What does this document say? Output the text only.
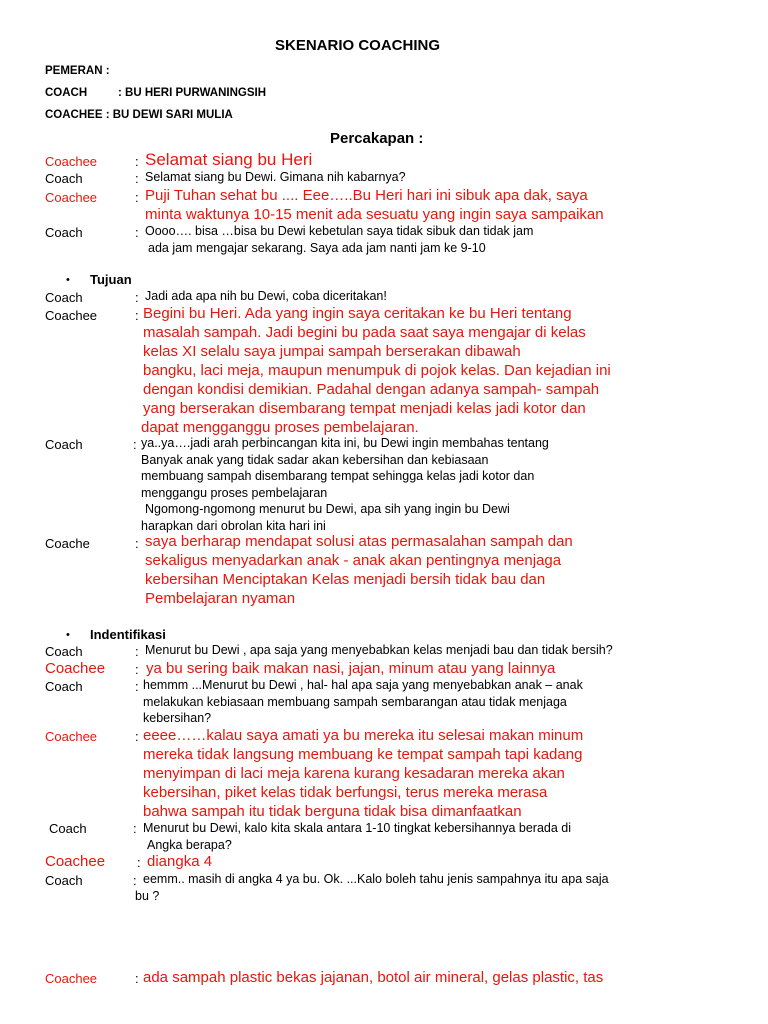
SKENARIO COACHING
PEMERAN :
COACH	: BU HERI PURWANINGSIH
COACHEE : BU DEWI SARI MULIA
Percakapan :
Coachee	: Selamat siang bu Heri
Coach	: Selamat siang bu Dewi. Gimana nih kabarnya?
Coachee	: Puji Tuhan sehat bu .... Eee…..Bu Heri hari ini sibuk apa dak, saya
minta waktunya 10-15 menit ada sesuatu yang ingin saya sampaikan
Coach	: Oooo…. bisa …bisa bu Dewi kebetulan saya tidak sibuk dan tidak jam
ada jam mengajar sekarang. Saya ada jam nanti jam ke 9-10
• Tujuan
Coach	: Jadi ada apa nih bu Dewi, coba diceritakan!
Coachee	: Begini bu Heri. Ada yang ingin saya ceritakan ke bu Heri tentang
masalah sampah. Jadi begini bu pada saat saya mengajar di kelas
kelas XI selalu saya jumpai sampah berserakan dibawah
bangku, laci meja, maupun menumpuk di pojok kelas. Dan kejadian ini
dengan kondisi demikian. Padahal dengan adanya sampah- sampah
yang berserakan disembarang tempat menjadi kelas jadi kotor dan
dapat mengganggu proses pembelajaran.
Coach	: ya..ya….jadi arah perbincangan kita ini, bu Dewi ingin membahas tentang
Banyak anak yang tidak sadar akan kebersihan dan kebiasaan
membuang sampah disembarang tempat sehingga kelas jadi kotor dan
menggangu proses pembelajaran
Ngomong-ngomong menurut bu Dewi, apa sih yang ingin bu Dewi
harapkan dari obrolan kita hari ini
Coache	: saya berharap mendapat solusi atas permasalahan sampah dan
sekaligus menyadarkan anak - anak akan pentingnya menjaga
kebersihan Menciptakan Kelas menjadi bersih tidak bau dan
Pembelajaran nyaman
• Indentifikasi
Coach	: Menurut bu Dewi , apa saja yang menyebabkan kelas menjadi bau dan tidak bersih?
Coachee : ya bu sering baik makan nasi, jajan, minum atau yang lainnya
Coach	: hemmm ...Menurut bu Dewi , hal- hal apa saja yang menyebabkan anak – anak
melakukan kebiasaan membuang sampah sembarangan atau tidak menjaga
kebersihan?
Coachee	: eeee……kalau saya amati ya bu mereka itu selesai makan minum
mereka tidak langsung membuang ke tempat sampah tapi kadang
menyimpan di laci meja karena kurang kesadaran mereka akan
kebersihan, piket kelas tidak berfungsi, terus mereka merasa
bahwa sampah itu tidak berguna tidak bisa dimanfaatkan
Coach	: Menurut bu Dewi, kalo kita skala antara 1-10 tingkat kebersihannya berada di
Angka berapa?
Coachee : diangka 4
Coach	: eemm.. masih di angka 4 ya bu. Ok. ...Kalo boleh tahu jenis sampahnya itu apa saja
bu ?
Coachee	: ada sampah plastic bekas jajanan, botol air mineral, gelas plastic, tas
